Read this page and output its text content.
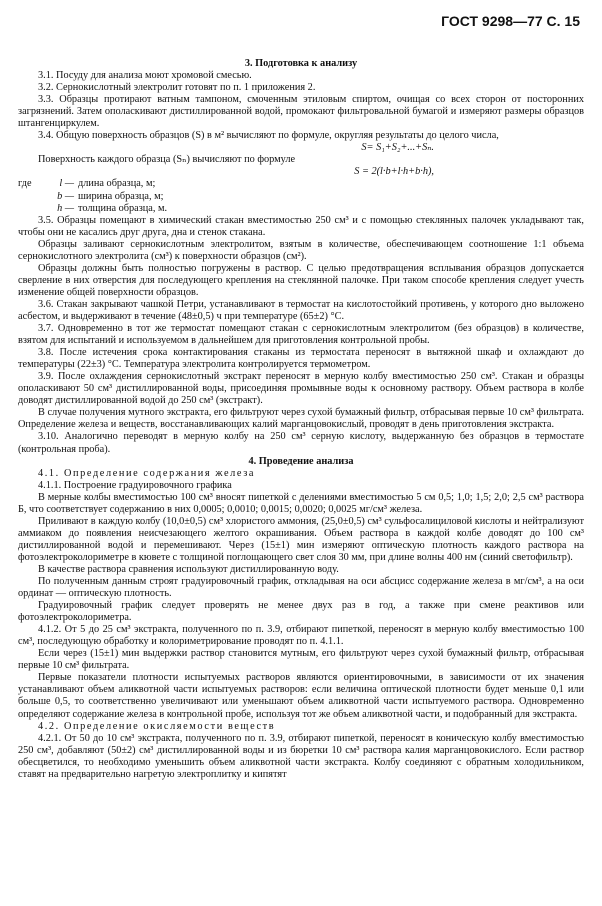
ГОСТ 9298—77 С. 15

3. Подготовка к анализу

3.1. Посуду для анализа моют хромовой смесью.

3.2. Сернокислотный электролит готовят по п. 1 приложения 2.

3.3. Образцы протирают ватным тампоном, смоченным этиловым спиртом, очищая со всех сторон от посторонних загрязнений. Затем ополаскивают дистиллированной водой, промокают фильтровальной бумагой и измеряют размеры образцов штангенциркулем.

3.4. Общую поверхность образцов (S) в м² вычисляют по формуле, округляя результаты до целого числа,

S= S₁+S₂+...+Sₙ.

Поверхность каждого образца (Sₙ) вычисляют по формуле

S = 2(l·b+l·h+b·h),

где	l — длина образца, м;
b — ширина образца, м;
h — толщина образца, м.

3.5. Образцы помещают в химический стакан вместимостью 250 см³ и с помощью стеклянных палочек укладывают так, чтобы они не касались друг друга, дна и стенок стакана.

Образцы заливают сернокислотным электролитом, взятым в количестве, обеспечивающем соотношение 1:1 объема сернокислотного электролита (см³) к поверхности образцов (см²).

Образцы должны быть полностью погружены в раствор. С целью предотвращения всплывания образцов допускается сверление в них отверстия для последующего крепления на стеклянной палочке. При таком способе крепления следует учесть изменение общей поверхности образцов.

3.6. Стакан закрывают чашкой Петри, устанавливают в термостат на кислотостойкий противень, у которого дно выложено асбестом, и выдерживают в течение (48±0,5) ч при температуре (65±2) °С.

3.7. Одновременно в тот же термостат помещают стакан с сернокислотным электролитом (без образцов) в количестве, взятом для испытаний и используемом в дальнейшем для приготовления контрольной пробы.

3.8. После истечения срока контактирования стаканы из термостата переносят в вытяжной шкаф и охлаждают до температуры (22±3) °С. Температура электролита контролируется термометром.

3.9. После охлаждения сернокислотный экстракт переносят в мерную колбу вместимостью 250 см³. Стакан и образцы ополаскивают 50 см³ дистиллированной воды, присоединяя промывные воды к основному раствору. Объем раствора в колбе доводят дистиллированной водой до 250 см³ (экстракт).

В случае получения мутного экстракта, его фильтруют через сухой бумажный фильтр, отбрасывая первые 10 см³ фильтрата. Определение железа и веществ, восстанавливающих калий марганцовокислый, проводят в день приготовления экстракта.

3.10. Аналогично переводят в мерную колбу на 250 см³ серную кислоту, выдержанную без образцов в термостате (контрольная проба).

4. Проведение анализа

4.1. Определение содержания железа

4.1.1. Построение градуировочного графика

В мерные колбы вместимостью 100 см³ вносят пипеткой с делениями вместимостью 5 см 0,5; 1,0; 1,5; 2,0; 2,5 см³ раствора Б, что соответствует содержанию в них 0,0005; 0,0010; 0,0015; 0,0020; 0,0025 мг/см³ железа.

Приливают в каждую колбу (10,0±0,5) см³ хлористого аммония, (25,0±0,5) см³ сульфосалициловой кислоты и нейтрализуют аммиаком до появления неисчезающего желтого окрашивания. Объем раствора в каждой колбе доводят до 100 см³ дистиллированной водой и перемешивают. Через (15±1) мин измеряют оптическую плотность каждого раствора на фотоэлектроколориметре в кювете с толщиной поглощающего свет слоя 30 мм, при длине волны 400 нм (синий светофильтр).

В качестве раствора сравнения используют дистиллированную воду.

По полученным данным строят градуировочный график, откладывая на оси абсцисс содержание железа в мг/см³, а на оси ординат — оптическую плотность.

Градуировочный график следует проверять не менее двух раз в год, а также при смене реактивов или фотоэлектроколориметра.

4.1.2. От 5 до 25 см³ экстракта, полученного по п. 3.9, отбирают пипеткой, переносят в мерную колбу вместимостью 100 см³, последующую обработку и колориметрирование проводят по п. 4.1.1.

Если через (15±1) мин выдержки раствор становится мутным, его фильтруют через сухой бумажный фильтр, отбрасывая первые 10 см³ фильтрата.

Первые показатели плотности испытуемых растворов являются ориентировочными, в зависимости от их значения устанавливают объем аликвотной части испытуемых растворов: если величина оптической плотности будет меньше 0,1 или больше 0,5, то соответственно увеличивают или уменьшают объем аликвотной части испытуемого раствора. Одновременно определяют содержание железа в контрольной пробе, используя тот же объем аликвотной части, и подобранный для экстракта.

4.2. Определение окисляемости веществ

4.2.1. От 50 до 10 см³ экстракта, полученного по п. 3.9, отбирают пипеткой, переносят в коническую колбу вместимостью 250 см³, добавляют (50±2) см³ дистиллированной воды и из бюретки 10 см³ раствора калия марганцовокислого. Если раствор обесцветился, то необходимо уменьшить объем аликвотной части экстракта. Колбу соединяют с обратным холодильником, ставят на предварительно нагретую электроплитку и кипятят
